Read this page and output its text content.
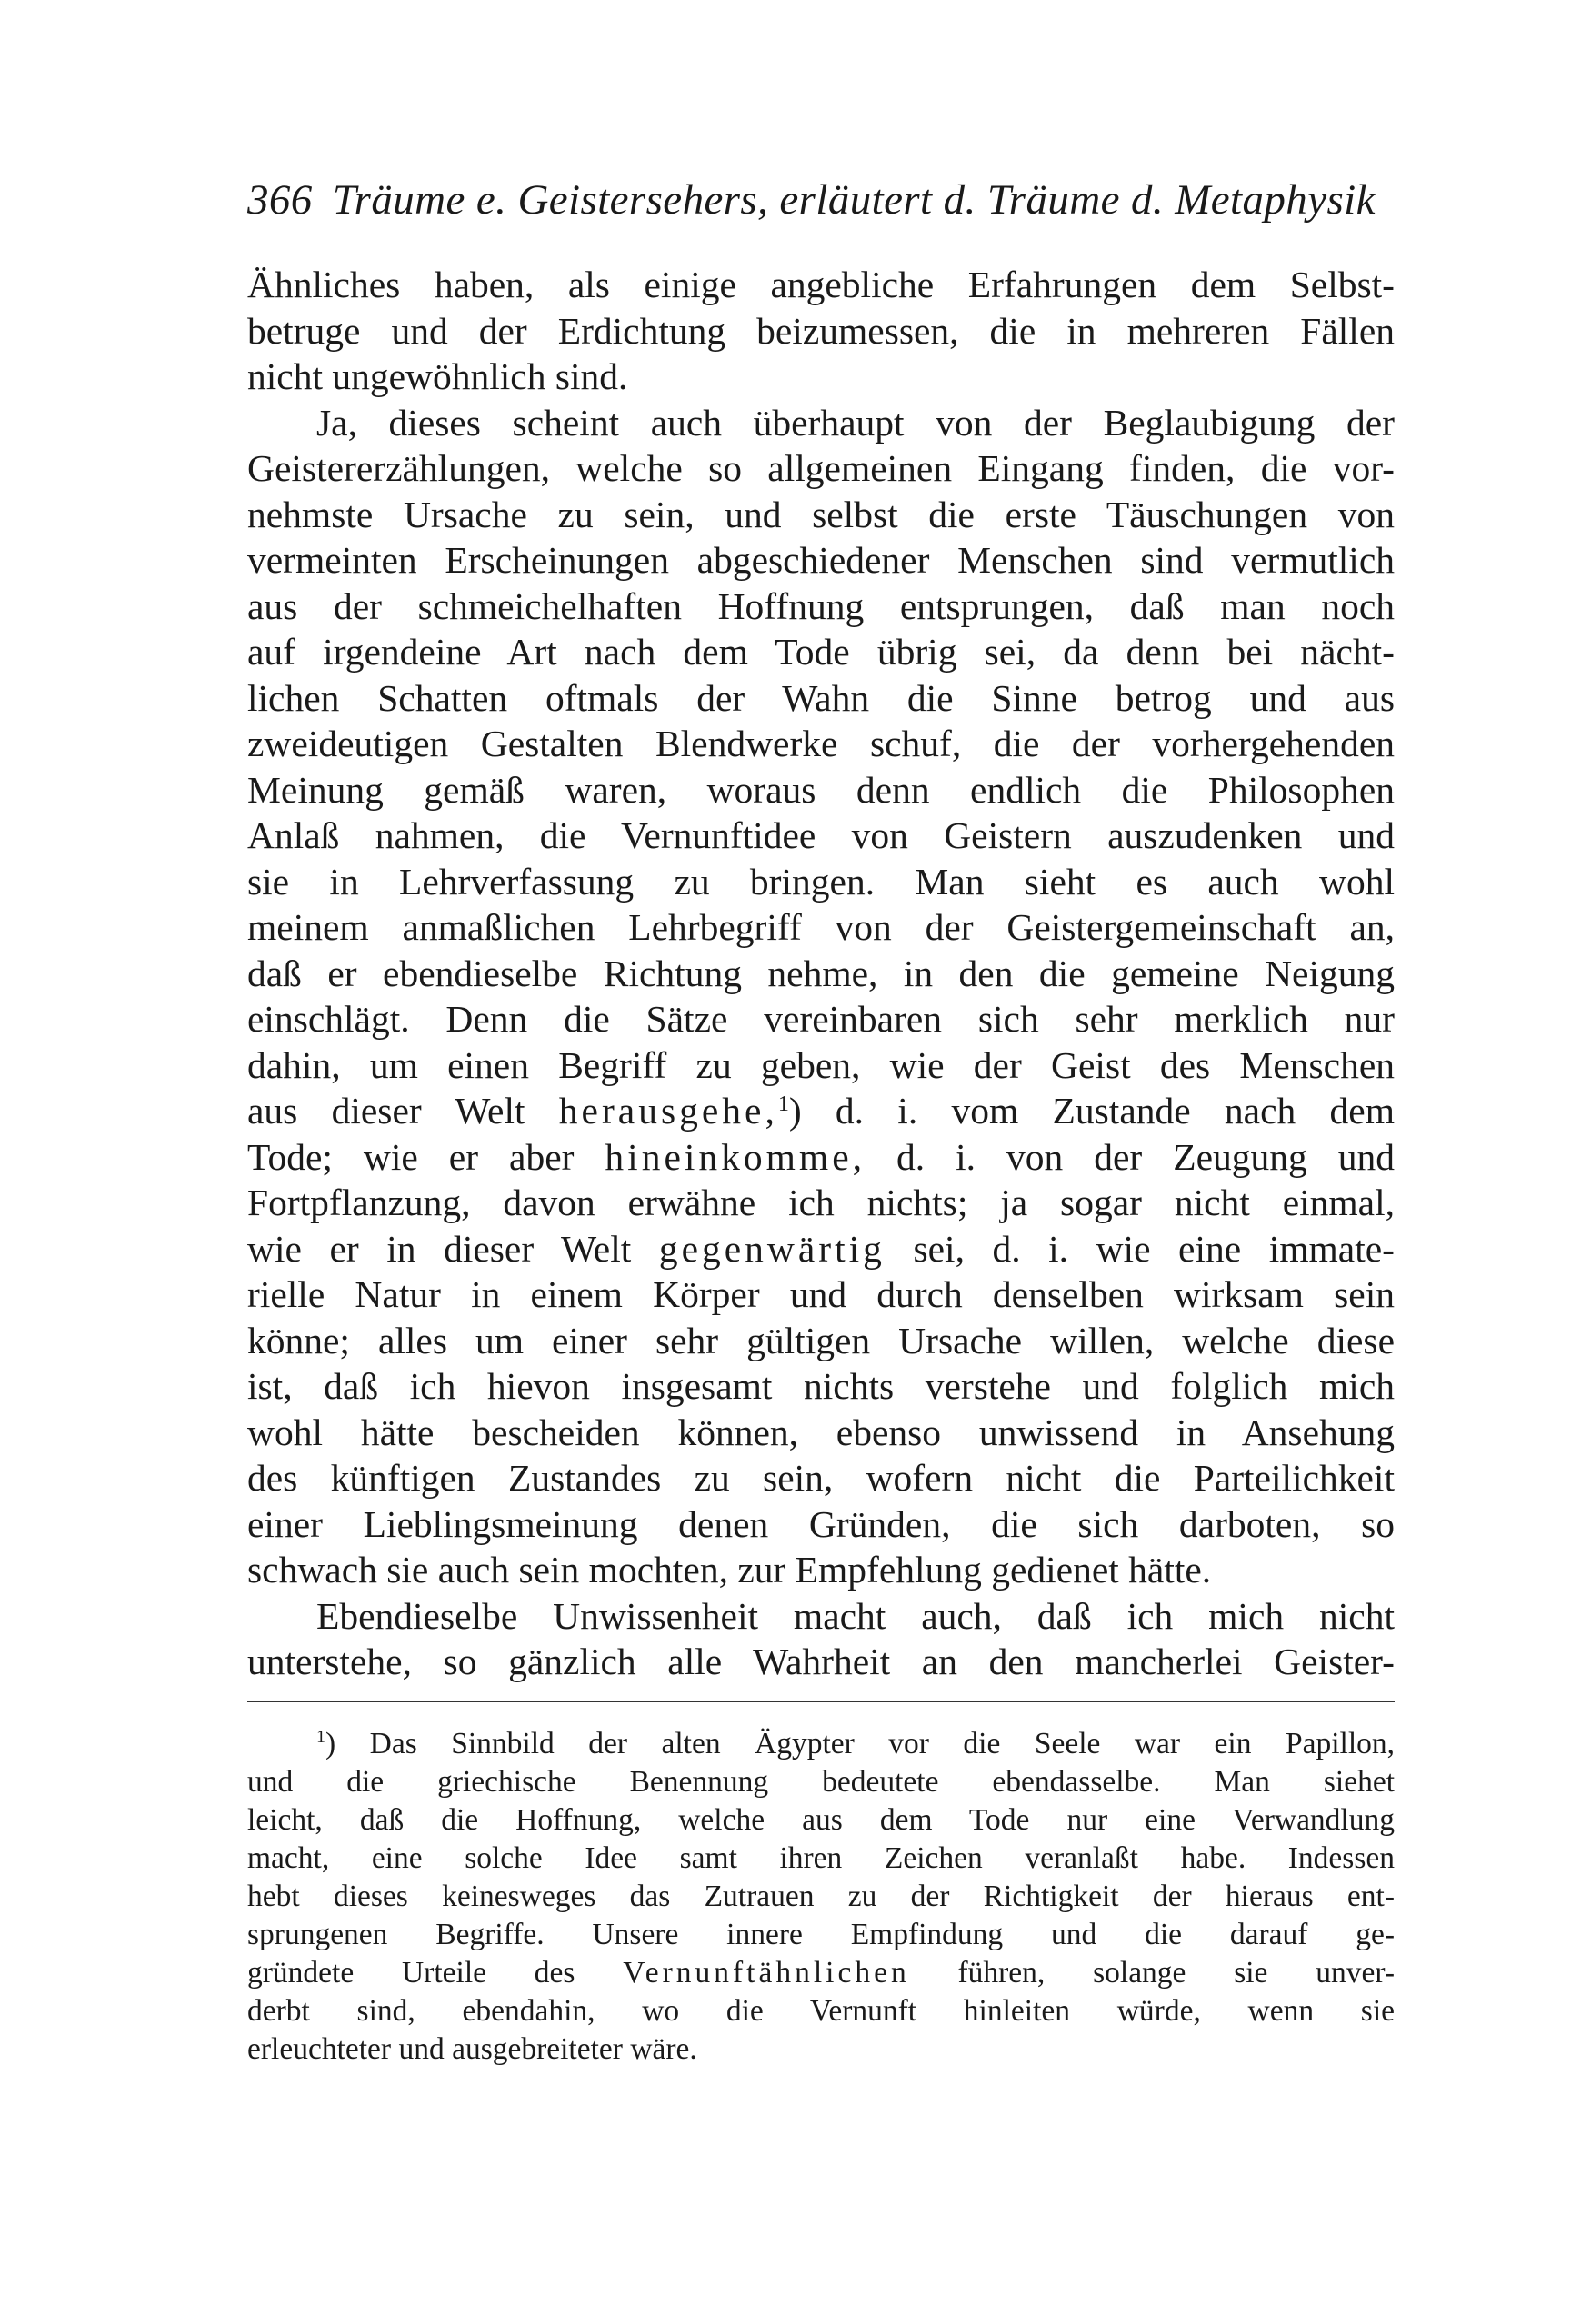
366 Träume e. Geistersehers, erläutert d. Träume d. Metaphysik
Ähnliches haben, als einige angebliche Erfahrungen dem Selbst-
betruge und der Erdichtung beizumessen, die in mehreren Fällen
nicht ungewöhnlich sind.
Ja, dieses scheint auch überhaupt von der Beglaubigung der
Geistererzählungen, welche so allgemeinen Eingang finden, die vor-
nehmste Ursache zu sein, und selbst die erste Täuschungen von
vermeinten Erscheinungen abgeschiedener Menschen sind vermutlich
aus der schmeichelhaften Hoffnung entsprungen, daß man noch
auf irgendeine Art nach dem Tode übrig sei, da denn bei nächt-
lichen Schatten oftmals der Wahn die Sinne betrog und aus
zweideutigen Gestalten Blendwerke schuf, die der vorhergehenden
Meinung gemäß waren, woraus denn endlich die Philosophen
Anlaß nahmen, die Vernunftidee von Geistern auszudenken und
sie in Lehrverfassung zu bringen. Man sieht es auch wohl
meinem anmaßlichen Lehrbegriff von der Geistergemeinschaft an,
daß er ebendieselbe Richtung nehme, in den die gemeine Neigung
einschlägt. Denn die Sätze vereinbaren sich sehr merklich nur
dahin, um einen Begriff zu geben, wie der Geist des Menschen
aus dieser Welt herausgehe,$^1$) d. i. vom Zustande nach dem
Tode; wie er aber hineinkomme, d. i. von der Zeugung und
Fortpflanzung, davon erwähne ich nichts; ja sogar nicht einmal,
wie er in dieser Welt gegenwärtig sei, d. i. wie eine immate-
rielle Natur in einem Körper und durch denselben wirksam sein
könne; alles um einer sehr gültigen Ursache willen, welche diese
ist, daß ich hievon insgesamt nichts verstehe und folglich mich
wohl hätte bescheiden können, ebenso unwissend in Ansehung
des künftigen Zustandes zu sein, wofern nicht die Parteilichkeit
einer Lieblingsmeinung denen Gründen, die sich darboten, so
schwach sie auch sein mochten, zur Empfehlung gedienet hätte.
Ebendieselbe Unwissenheit macht auch, daß ich mich nicht
unterstehe, so gänzlich alle Wahrheit an den mancherlei Geister-
$^1$) Das Sinnbild der alten Ägypter vor die Seele war ein Papillon,
und die griechische Benennung bedeutete ebendasselbe. Man siehet
leicht, daß die Hoffnung, welche aus dem Tode nur eine Verwandlung
macht, eine solche Idee samt ihren Zeichen veranlaßt habe. Indessen
hebt dieses keinesweges das Zutrauen zu der Richtigkeit der hieraus ent-
sprungenen Begriffe. Unsere innere Empfindung und die darauf ge-
gründete Urteile des Vernunftähnlichen führen, solange sie unver-
derbt sind, ebendahin, wo die Vernunft hinleiten würde, wenn sie
erleuchteter und ausgebreiteter wäre.
